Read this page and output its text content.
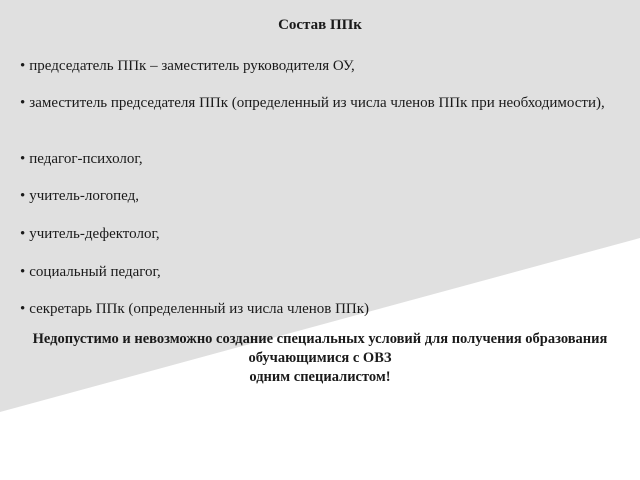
Состав ППк
• председатель ППк – заместитель руководителя ОУ,
• заместитель председателя ППк (определенный из числа членов ППк при необходимости),
• педагог-психолог,
• учитель-логопед,
• учитель-дефектолог,
• социальный педагог,
• секретарь ППк (определенный из числа членов ППк)
Недопустимо и невозможно создание специальных условий для получения образования обучающимися с ОВЗ
одним специалистом!
